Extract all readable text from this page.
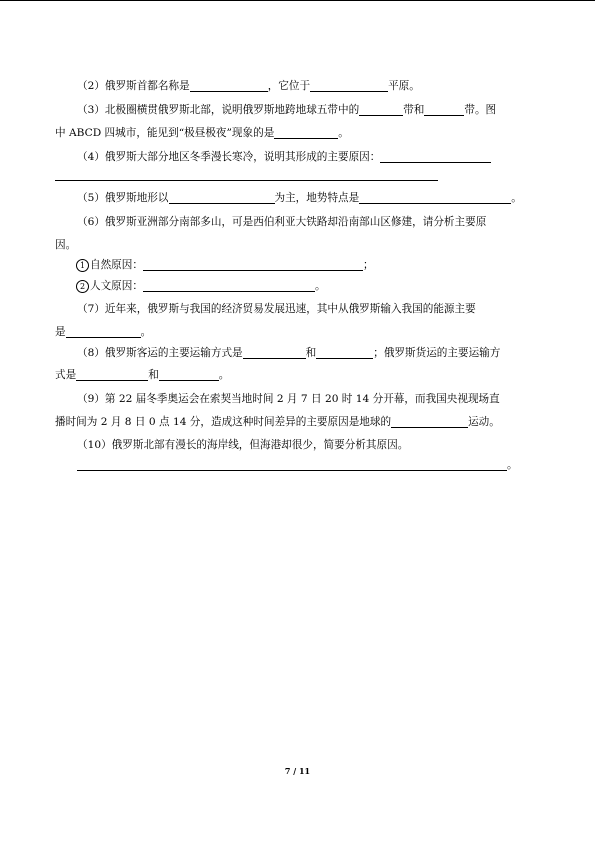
（2）俄罗斯首都名称是	，它位于	平原。
（3）北极圈横贯俄罗斯北部，说明俄罗斯地跨地球五带中的	带和	带。图
中 ABCD 四城市，能见到“极昼极夜”现象的是	。
（4）俄罗斯大部分地区冬季漫长寒冷，说明其形成的主要原因：
（5）俄罗斯地形以	为主，地势特点是	。
（6）俄罗斯亚洲部分南部多山，可是西伯利亚大铁路却沿南部山区修建，请分析主要原
因。
1 自然原因：	；
2 人文原因：	。
（7）近年来，俄罗斯与我国的经济贸易发展迅速，其中从俄罗斯输入我国的能源主要
是	。
（8）俄罗斯客运的主要运输方式是	和	；俄罗斯货运的主要运输方
式是	和	。
（9）第 22 届冬季奥运会在索契当地时间 2 月 7 日 20 时 14 分开幕，而我国央视现场直
播时间为 2 月 8 日 0 点 14 分，造成这种时间差异的主要原因是地球的	运动。
（10）俄罗斯北部有漫长的海岸线，但海港却很少，简要分析其原因。
。
7 / 11
